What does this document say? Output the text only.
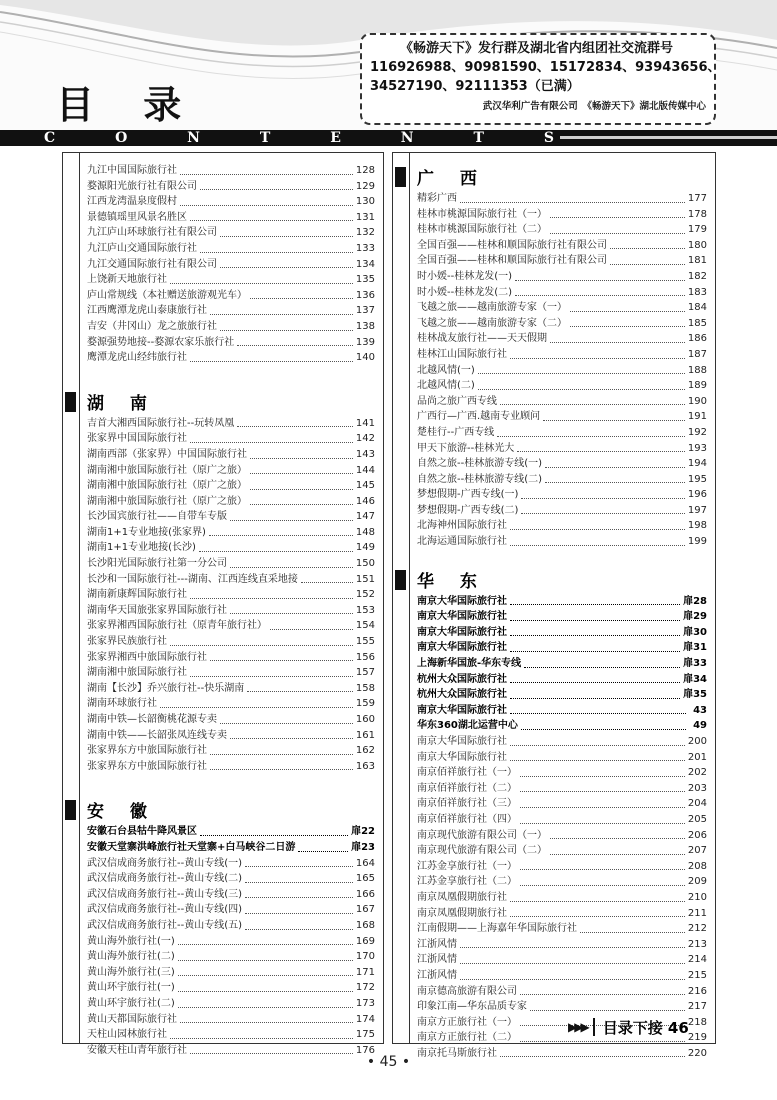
目 录
《畅游天下》发行群及湖北省内组团社交流群号
116926988、90981590、15172834、93943656、
34527190、92111353（已满）
武汉华利广告有限公司　《畅游天下》湖北版传媒中心
C	O	N	T	E	N	T	S
九江中国国际旅行社	128
婺源阳光旅行社有限公司	129
江西龙湾温泉度假村	130
景德镇瑶里风景名胜区	131
九江庐山环球旅行社有限公司	132
九江庐山交通国际旅行社	133
九江交通国际旅行社有限公司	134
上饶新天地旅行社	135
庐山常规线（本社赠送旅游观光车）	136
江西鹰潭龙虎山泰康旅行社	137
吉安（井冈山）龙之旅旅行社	138
婺源强势地接--婺源农家乐旅行社	139
鹰潭龙虎山经纬旅行社	140
湖 南
吉首大湘西国际旅行社--玩转凤凰	141
张家界中国国际旅行社	142
湖南西部（张家界）中国国际旅行社	143
湖南湘中旅国际旅行社（原广之旅）	144
湖南湘中旅国际旅行社（原广之旅）	145
湖南湘中旅国际旅行社（原广之旅）	146
长沙国宾旅行社——自带车专版	147
湖南1+1专业地接(张家界)	148
湖南1+1专业地接(长沙)	149
长沙阳光国际旅行社第一分公司	150
长沙和一国际旅行社---湖南、江西连线直采地接	151
湖南新康辉国际旅行社	152
湖南华天国旅张家界国际旅行社	153
张家界湘西国际旅行社（原青年旅行社）	154
张家界民族旅行社	155
张家界湘西中旅国际旅行社	156
湖南湘中旅国际旅行社	157
湖南【长沙】乔兴旅行社--快乐湖南	158
湖南环球旅行社	159
湖南中铁—长韶衡桃花源专卖	160
湖南中铁——长韶张凤连线专卖	161
张家界东方中旅国际旅行社	162
张家界东方中旅国际旅行社	163
安 徽
安徽石台县牯牛降风景区	扉22
安徽天堂寨洪峰旅行社天堂寨+白马峡谷二日游	扉23
武汉信成商务旅行社--黄山专线(一)	164
武汉信成商务旅行社--黄山专线(二)	165
武汉信成商务旅行社--黄山专线(三)	166
武汉信成商务旅行社--黄山专线(四)	167
武汉信成商务旅行社--黄山专线(五)	168
黄山海外旅行社(一)	169
黄山海外旅行社(二)	170
黄山海外旅行社(三)	171
黄山环宇旅行社(一)	172
黄山环宇旅行社(二)	173
黄山天都国际旅行社	174
天柱山园林旅行社	175
安徽天柱山青年旅行社	176
广 西
精彩广西	177
桂林市桃源国际旅行社（一）	178
桂林市桃源国际旅行社（二）	179
全国百强——桂林和顺国际旅行社有限公司	180
全国百强——桂林和顺国际旅行社有限公司	181
时小媛--桂林龙发(一)	182
时小媛--桂林龙发(二)	183
飞越之旅——越南旅游专家（一）	184
飞越之旅——越南旅游专家（二）	185
桂林战友旅行社——天天假期	186
桂林江山国际旅行社	187
北越风情(一)	188
北越风情(二)	189
品尚之旅广西专线	190
广西行—广西.越南专业顾问	191
楚桂行--广西专线	192
甲天下旅游--桂林光大	193
自然之旅--桂林旅游专线(一)	194
自然之旅--桂林旅游专线(二)	195
梦想假期-广西专线(一)	196
梦想假期-广西专线(二)	197
北海神州国际旅行社	198
北海运通国际旅行社	199
华 东
南京大华国际旅行社	扉28
南京大华国际旅行社	扉29
南京大华国际旅行社	扉30
南京大华国际旅行社	扉31
上海新华国旅-华东专线	扉33
杭州大众国际旅行社	扉34
杭州大众国际旅行社	扉35
南京大华国际旅行社	43
华东360湖北运营中心	49
南京大华国际旅行社	200
南京大华国际旅行社	201
南京佰祥旅行社（一）	202
南京佰祥旅行社（二）	203
南京佰祥旅行社（三）	204
南京佰祥旅行社（四）	205
南京现代旅游有限公司（一）	206
南京现代旅游有限公司（二）	207
江苏金享旅行社（一）	208
江苏金享旅行社（二）	209
南京凤凰假期旅行社	210
南京凤凰假期旅行社	211
江南假期——上海嘉年华国际旅行社	212
江浙风情	213
江浙风情	214
江浙风情	215
南京德高旅游有限公司	216
印象江南—华东品质专家	217
南京方正旅行社（一）	218
南京方正旅行社（二）	219
南京托马斯旅行社	220
▶▶▶ 目录下接 46
• 45 •
